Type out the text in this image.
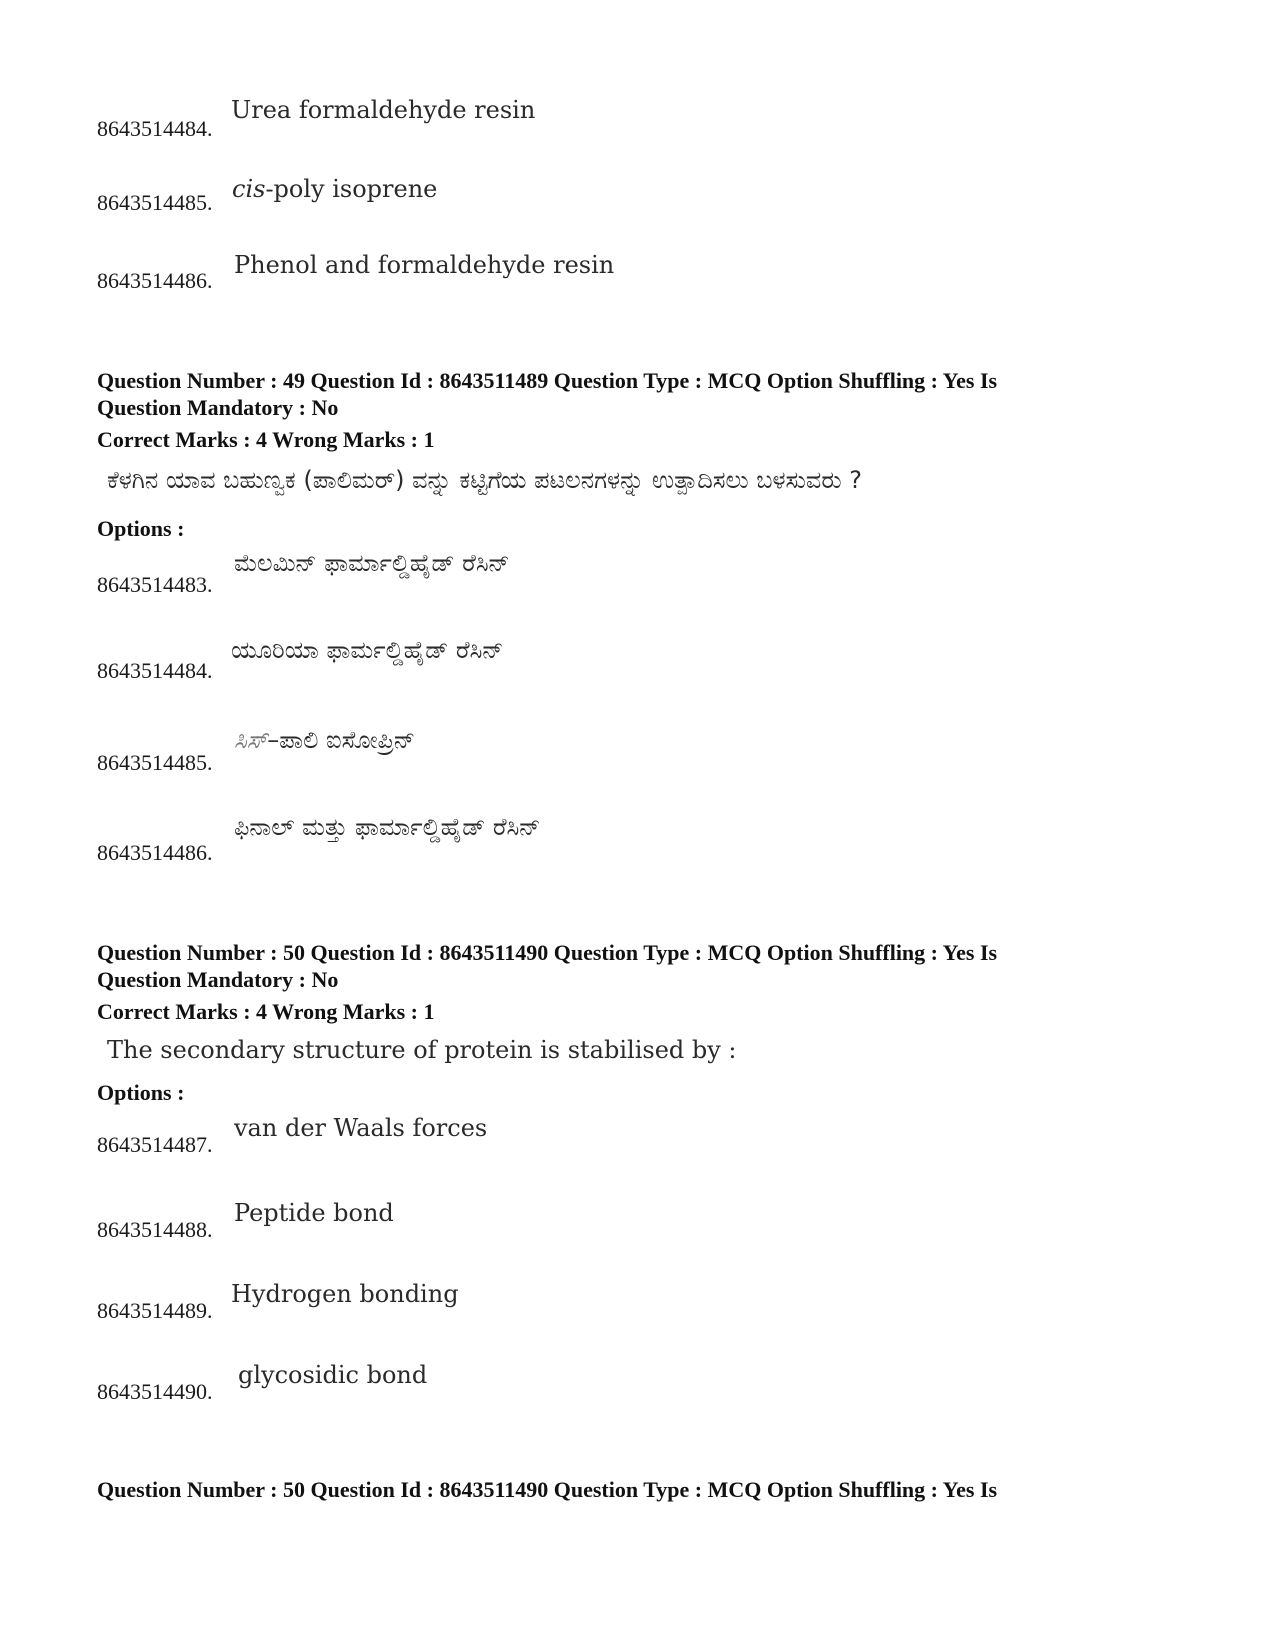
8643514484.
Urea formaldehyde resin
8643514485. cis-poly isoprene
8643514486.
Phenol and formaldehyde resin
Question Number : 49 Question Id : 8643511489 Question Type : MCQ Option Shuffling : Yes Is
Question Mandatory : No
Correct Marks : 4 Wrong Marks : 1
ಕೆಳಗಿನ ಯಾವ ಬಹುಣ್ವಕ (ಪಾಲಿಮರ್) ವನ್ನು ಕಟ್ಟಿಗೆಯ ಪಟಲನಗಳನ್ನು ಉತ್ಪಾದಿಸಲು ಬಳಸುವರು ?
Options :
8643514483.
ಮೆಲಮಿನ್ ಫಾರ್ಮಾಲ್ಡಿಹೈಡ್ ರೆಸಿನ್
8643514484.
ಯೂರಿಯಾ ಫಾರ್ಮಲ್ಡಿಹೈಡ್ ರೆಸಿನ್
8643514485.
ಸಿಸ್–ಪಾಲಿ ಐಸೋಪ್ರಿನ್
8643514486.
ಫಿನಾಲ್ ಮತ್ತು ಫಾರ್ಮಾಲ್ಡಿಹೈಡ್ ರೆಸಿನ್
Question Number : 50 Question Id : 8643511490 Question Type : MCQ Option Shuffling : Yes Is
Question Mandatory : No
Correct Marks : 4 Wrong Marks : 1
The secondary structure of protein is stabilised by :
Options :
8643514487.
van der Waals forces
8643514488.
Peptide bond
8643514489.
Hydrogen bonding
8643514490.
glycosidic bond
Question Number : 50 Question Id : 8643511490 Question Type : MCQ Option Shuffling : Yes Is
